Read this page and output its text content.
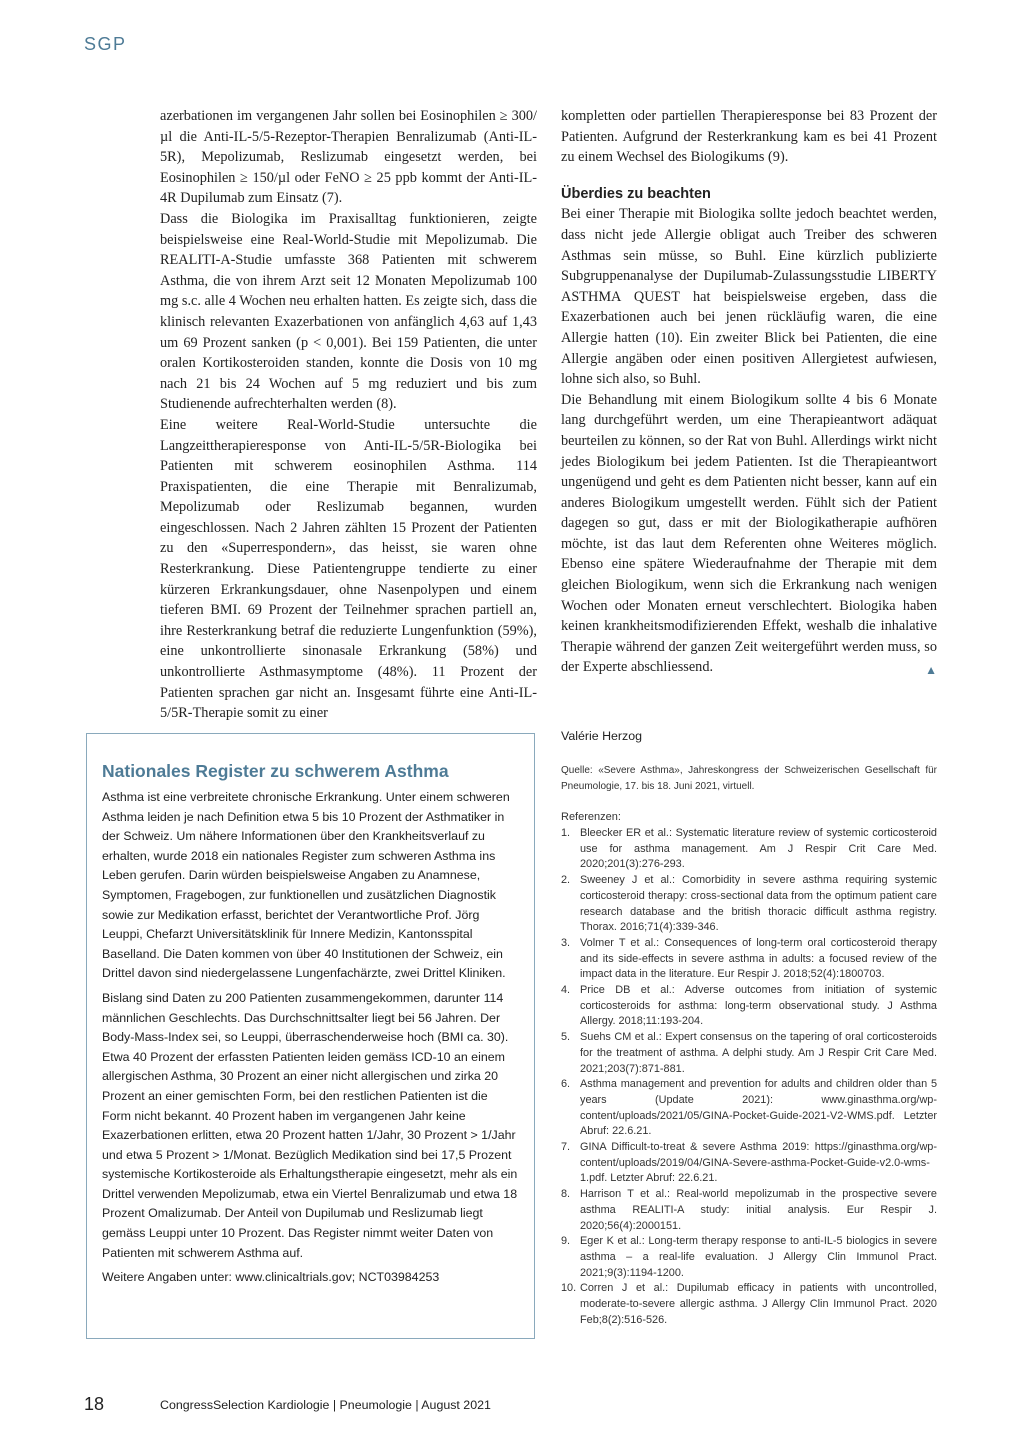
SGP

azerbationen im vergangenen Jahr sollen bei Eosinophilen ≥ 300/µl die Anti-IL-5/5-Rezeptor-Therapien Benralizumab (Anti-IL-5R), Mepolizumab, Reslizumab eingesetzt werden, bei Eosinophilen ≥ 150/µl oder FeNO ≥ 25 ppb kommt der Anti-IL-4R Dupilumab zum Einsatz (7).

Dass die Biologika im Praxisalltag funktionieren, zeigte beispielsweise eine Real-World-Studie mit Mepolizumab. Die REALITI-A-Studie umfasste 368 Patienten mit schwerem Asthma, die von ihrem Arzt seit 12 Monaten Mepolizumab 100 mg s.c. alle 4 Wochen neu erhalten hatten. Es zeigte sich, dass die klinisch relevanten Exazerbationen von anfänglich 4,63 auf 1,43 um 69 Prozent sanken (p < 0,001). Bei 159 Patienten, die unter oralen Kortikosteroiden standen, konnte die Dosis von 10 mg nach 21 bis 24 Wochen auf 5 mg reduziert und bis zum Studienende aufrechterhalten werden (8).

Eine weitere Real-World-Studie untersuchte die Langzeittherapieresponse von Anti-IL-5/5R-Biologika bei Patienten mit schwerem eosinophilen Asthma. 114 Praxispatienten, die eine Therapie mit Benralizumab, Mepolizumab oder Reslizumab begannen, wurden eingeschlossen. Nach 2 Jahren zählten 15 Prozent der Patienten zu den «Superrespondern», das heisst, sie waren ohne Resterkrankung. Diese Patientengruppe tendierte zu einer kürzeren Erkrankungsdauer, ohne Nasenpolypen und einem tieferen BMI. 69 Prozent der Teilnehmer sprachen partiell an, ihre Resterkrankung betraf die reduzierte Lungenfunktion (59%), eine unkontrollierte sinonasale Erkrankung (58%) und unkontrollierte Asthmasymptome (48%). 11 Prozent der Patienten sprachen gar nicht an. Insgesamt führte eine Anti-IL-5/5R-Therapie somit zu einer

kompletten oder partiellen Therapieresponse bei 83 Prozent der Patienten. Aufgrund der Resterkrankung kam es bei 41 Prozent zu einem Wechsel des Biologikums (9).

Überdies zu beachten

Bei einer Therapie mit Biologika sollte jedoch beachtet werden, dass nicht jede Allergie obligat auch Treiber des schweren Asthmas sein müsse, so Buhl. Eine kürzlich publizierte Subgruppenanalyse der Dupilumab-Zulassungsstudie LIBERTY ASTHMA QUEST hat beispielsweise ergeben, dass die Exazerbationen auch bei jenen rückläufig waren, die eine Allergie hatten (10). Ein zweiter Blick bei Patienten, die eine Allergie angäben oder einen positiven Allergietest aufwiesen, lohne sich also, so Buhl.

Die Behandlung mit einem Biologikum sollte 4 bis 6 Monate lang durchgeführt werden, um eine Therapieantwort adäquat beurteilen zu können, so der Rat von Buhl. Allerdings wirkt nicht jedes Biologikum bei jedem Patienten. Ist die Therapieantwort ungenügend und geht es dem Patienten nicht besser, kann auf ein anderes Biologikum umgestellt werden. Fühlt sich der Patient dagegen so gut, dass er mit der Biologikatherapie aufhören möchte, ist das laut dem Referenten ohne Weiteres möglich. Ebenso eine spätere Wiederaufnahme der Therapie mit dem gleichen Biologikum, wenn sich die Erkrankung nach wenigen Wochen oder Monaten erneut verschlechtert. Biologika haben keinen krankheitsmodifizierenden Effekt, weshalb die inhalative Therapie während der ganzen Zeit weitergeführt werden muss, so der Experte abschliessend.	▲

Nationales Register zu schwerem Asthma

Asthma ist eine verbreitete chronische Erkrankung. Unter einem schweren Asthma leiden je nach Definition etwa 5 bis 10 Prozent der Asthmatiker in der Schweiz. Um nähere Informationen über den Krankheitsverlauf zu erhalten, wurde 2018 ein nationales Register zum schweren Asthma ins Leben gerufen. Darin würden beispielsweise Angaben zu Anamnese, Symptomen, Fragebogen, zur funktionellen und zusätzlichen Diagnostik sowie zur Medikation erfasst, berichtet der Verantwortliche Prof. Jörg Leuppi, Chefarzt Universitätsklinik für Innere Medizin, Kantonsspital Baselland. Die Daten kommen von über 40 Institutionen der Schweiz, ein Drittel davon sind niedergelassene Lungenfachärzte, zwei Drittel Kliniken.

Bislang sind Daten zu 200 Patienten zusammengekommen, darunter 114 männlichen Geschlechts. Das Durchschnittsalter liegt bei 56 Jahren. Der Body-Mass-Index sei, so Leuppi, überraschenderweise hoch (BMI ca. 30). Etwa 40 Prozent der erfassten Patienten leiden gemäss ICD-10 an einem allergischen Asthma, 30 Prozent an einer nicht allergischen und zirka 20 Prozent an einer gemischten Form, bei den restlichen Patienten ist die Form nicht bekannt. 40 Prozent haben im vergangenen Jahr keine Exazerbationen erlitten, etwa 20 Prozent hatten 1/Jahr, 30 Prozent > 1/Jahr und etwa 5 Prozent > 1/Monat. Bezüglich Medikation sind bei 17,5 Prozent systemische Kortikosteroide als Erhaltungstherapie eingesetzt, mehr als ein Drittel verwenden Mepolizumab, etwa ein Viertel Benralizumab und etwa 18 Prozent Omalizumab. Der Anteil von Dupilumab und Reslizumab liegt gemäss Leuppi unter 10 Prozent. Das Register nimmt weiter Daten von Patienten mit schwerem Asthma auf.

Weitere Angaben unter: www.clinicaltrials.gov; NCT03984253

Valérie Herzog
Quelle: «Severe Asthma», Jahreskongress der Schweizerischen Gesellschaft für Pneumologie, 17. bis 18. Juni 2021, virtuell.
Referenzen:
1. Bleecker ER et al.: Systematic literature review of systemic corticosteroid use for asthma management. Am J Respir Crit Care Med. 2020;201(3):276-293.
2. Sweeney J et al.: Comorbidity in severe asthma requiring systemic corticosteroid therapy: cross-sectional data from the optimum patient care research database and the british thoracic difficult asthma registry. Thorax. 2016;71(4):339-346.
3. Volmer T et al.: Consequences of long-term oral corticosteroid therapy and its side-effects in severe asthma in adults: a focused review of the impact data in the literature. Eur Respir J. 2018;52(4):1800703.
4. Price DB et al.: Adverse outcomes from initiation of systemic corticosteroids for asthma: long-term observational study. J Asthma Allergy. 2018;11:193-204.
5. Suehs CM et al.: Expert consensus on the tapering of oral corticosteroids for the treatment of asthma. A delphi study. Am J Respir Crit Care Med. 2021;203(7):871-881.
6. Asthma management and prevention for adults and children older than 5 years (Update 2021): www.ginasthma.org/wp-content/uploads/2021/05/GINA-Pocket-Guide-2021-V2-WMS.pdf. Letzter Abruf: 22.6.21.
7. GINA Difficult-to-treat & severe Asthma 2019: https://ginasthma.org/wp-content/uploads/2019/04/GINA-Severe-asthma-Pocket-Guide-v2.0-wms-1.pdf. Letzter Abruf: 22.6.21.
8. Harrison T et al.: Real-world mepolizumab in the prospective severe asthma REALITI-A study: initial analysis. Eur Respir J. 2020;56(4):2000151.
9. Eger K et al.: Long-term therapy response to anti-IL-5 biologics in severe asthma – a real-life evaluation. J Allergy Clin Immunol Pract. 2021;9(3):1194-1200.
10. Corren J et al.: Dupilumab efficacy in patients with uncontrolled, moderate-to-severe allergic asthma. J Allergy Clin Immunol Pract. 2020 Feb;8(2):516-526.
18	CongressSelection Kardiologie | Pneumologie | August 2021
